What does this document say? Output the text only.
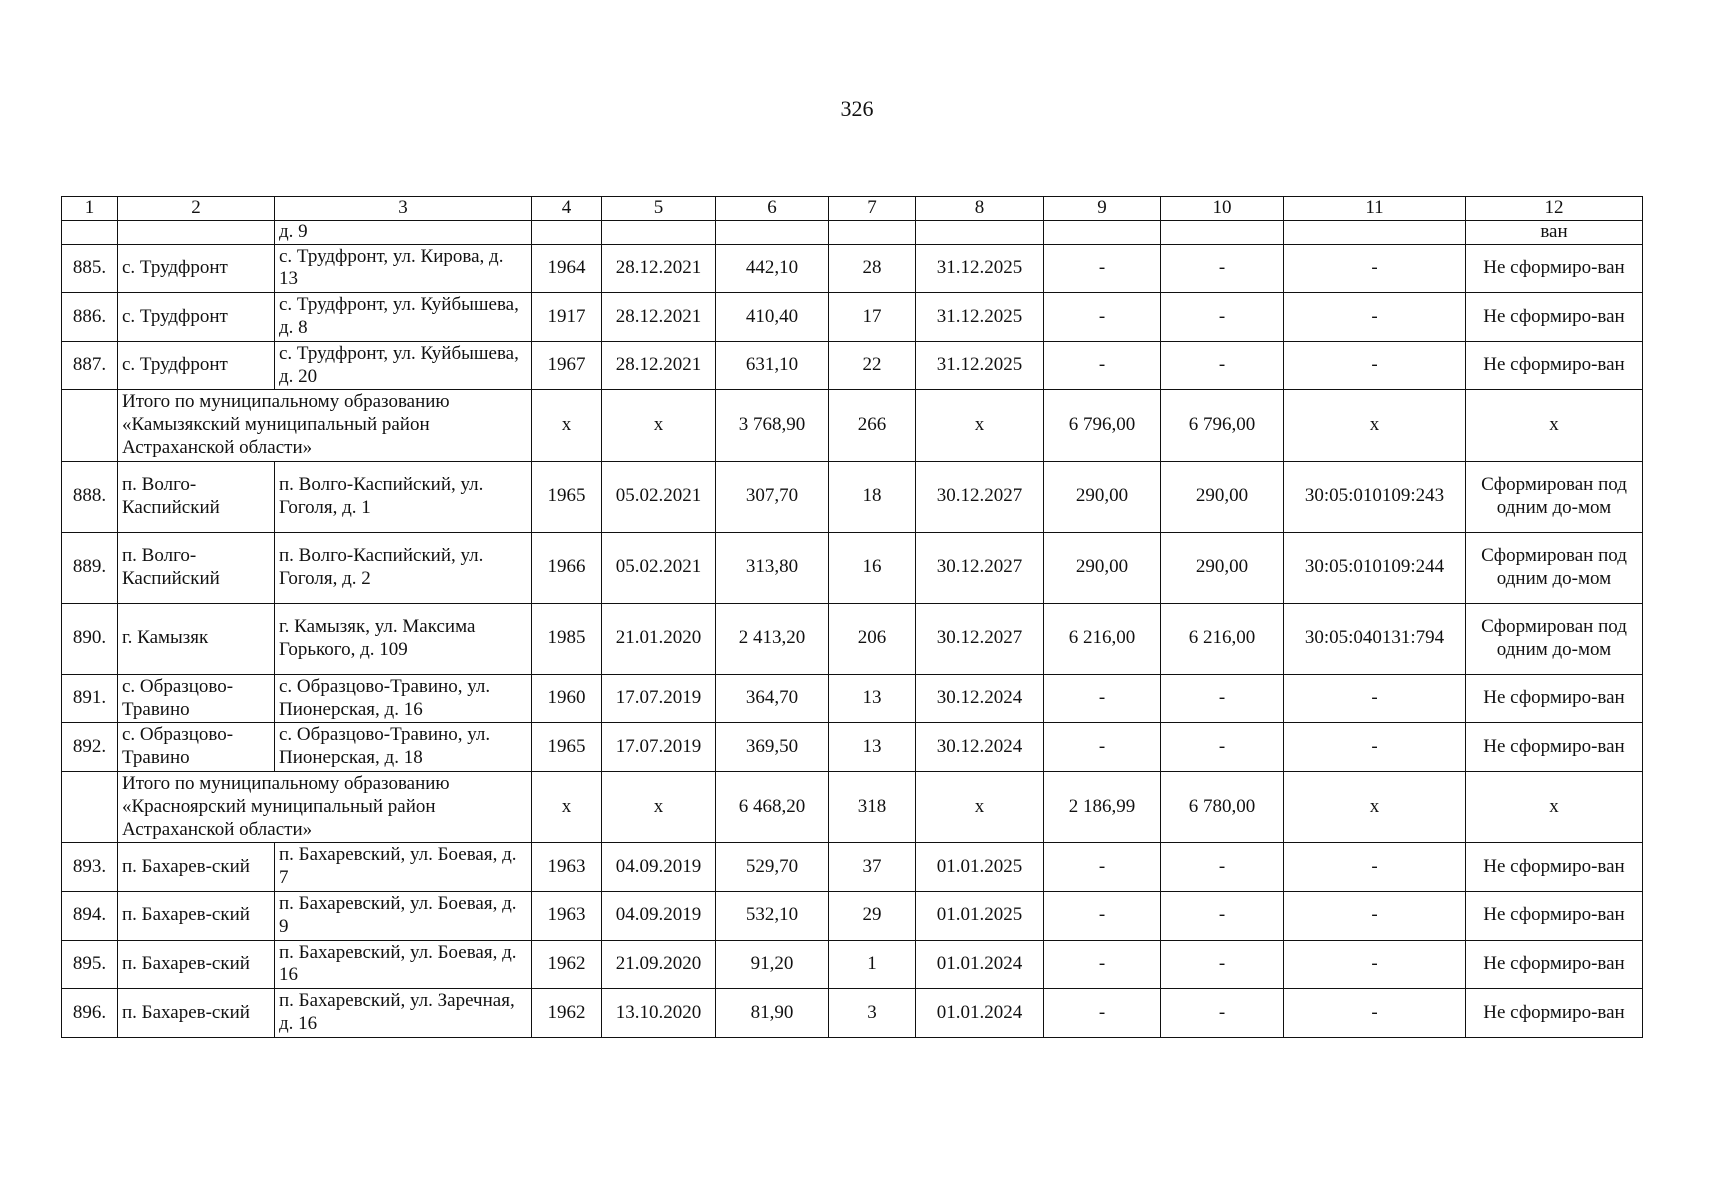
326
1	2	3	4	5	6	7	8	9	10	11	12
		д. 9									ван
885.	с. Трудфронт	с. Трудфронт, ул. Кирова, д. 13	1964	28.12.2021	442,10	28	31.12.2025	-	-	-	Не сформиро-ван
886.	с. Трудфронт	с. Трудфронт, ул. Куйбышева, д. 8	1917	28.12.2021	410,40	17	31.12.2025	-	-	-	Не сформиро-ван
887.	с. Трудфронт	с. Трудфронт, ул. Куйбышева, д. 20	1967	28.12.2021	631,10	22	31.12.2025	-	-	-	Не сформиро-ван
	Итого по муниципальному образованию «Камызякский муниципальный район Астраханской области»		х	х	3 768,90	266	х	6 796,00	6 796,00	х	х
888.	п. Волго-Каспийский	п. Волго-Каспийский, ул. Гоголя, д. 1	1965	05.02.2021	307,70	18	30.12.2027	290,00	290,00	30:05:010109:243	Сформирован под одним до-мом
889.	п. Волго-Каспийский	п. Волго-Каспийский, ул. Гоголя, д. 2	1966	05.02.2021	313,80	16	30.12.2027	290,00	290,00	30:05:010109:244	Сформирован под одним до-мом
890.	г. Камызяк	г. Камызяк, ул. Максима Горького, д. 109	1985	21.01.2020	2 413,20	206	30.12.2027	6 216,00	6 216,00	30:05:040131:794	Сформирован под одним до-мом
891.	с. Образцово-Травино	с. Образцово-Травино, ул. Пионерская, д. 16	1960	17.07.2019	364,70	13	30.12.2024	-	-	-	Не сформиро-ван
892.	с. Образцово-Травино	с. Образцово-Травино, ул. Пионерская, д. 18	1965	17.07.2019	369,50	13	30.12.2024	-	-	-	Не сформиро-ван
	Итого по муниципальному образованию «Красноярский муниципальный район Астраханской области»		х	х	6 468,20	318	х	2 186,99	6 780,00	х	х
893.	п. Бахарев-ский	п. Бахаревский, ул. Боевая, д. 7	1963	04.09.2019	529,70	37	01.01.2025	-	-	-	Не сформиро-ван
894.	п. Бахарев-ский	п. Бахаревский, ул. Боевая, д. 9	1963	04.09.2019	532,10	29	01.01.2025	-	-	-	Не сформиро-ван
895.	п. Бахарев-ский	п. Бахаревский, ул. Боевая, д. 16	1962	21.09.2020	91,20	1	01.01.2024	-	-	-	Не сформиро-ван
896.	п. Бахарев-ский	п. Бахаревский, ул. Заречная, д. 16	1962	13.10.2020	81,90	3	01.01.2024	-	-	-	Не сформиро-ван
